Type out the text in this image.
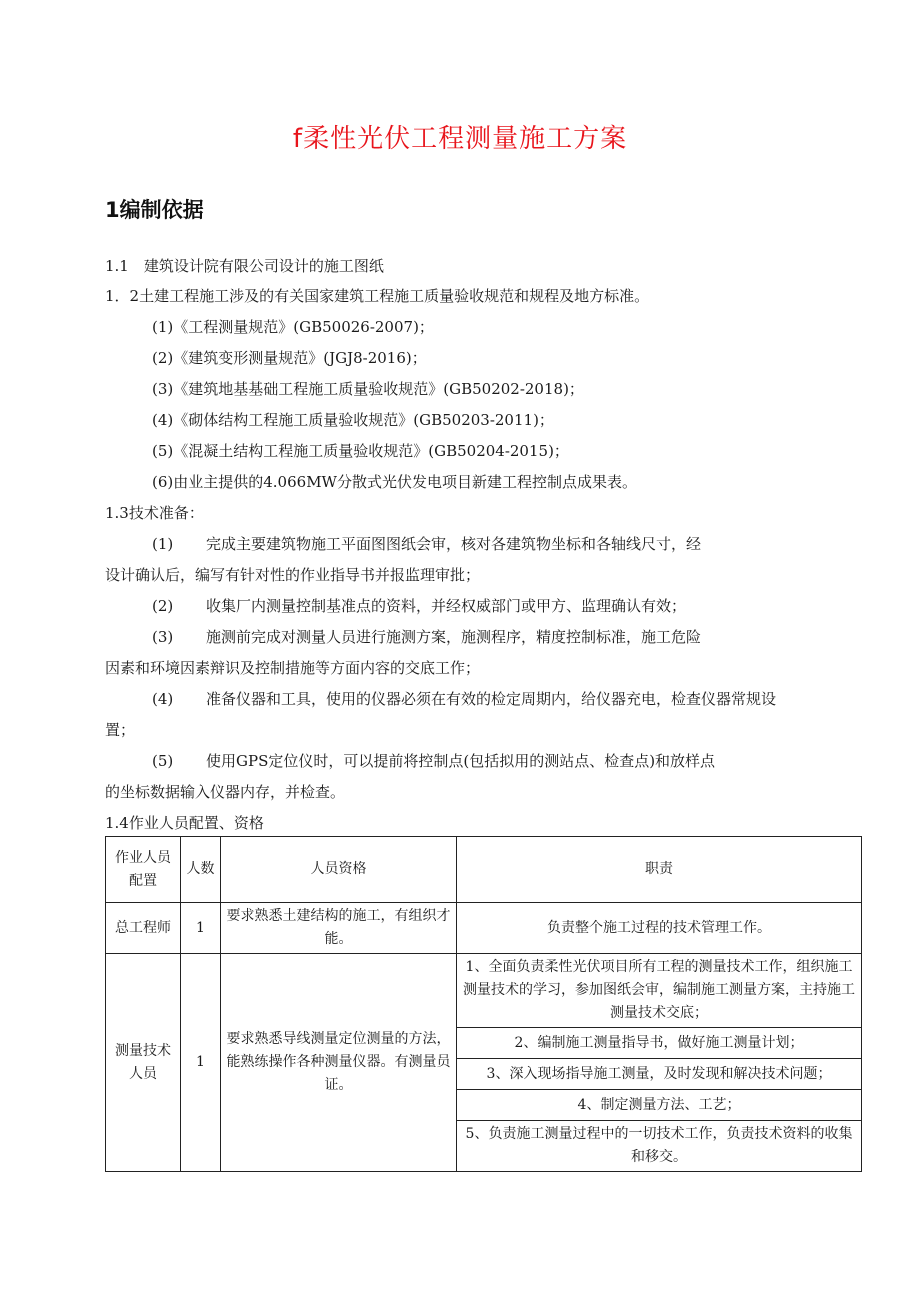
f柔性光伏工程测量施工方案
1编制依据
1.1　建筑设计院有限公司设计的施工图纸
1．2土建工程施工涉及的有关国家建筑工程施工质量验收规范和规程及地方标准。
(1)《工程测量规范》(GB50026-2007)；
(2)《建筑变形测量规范》(JGJ8-2016)；
(3)《建筑地基基础工程施工质量验收规范》(GB50202-2018)；
(4)《砌体结构工程施工质量验收规范》(GB50203-2011)；
(5)《混凝土结构工程施工质量验收规范》(GB50204-2015)；
(6)由业主提供的4.066MW分散式光伏发电项目新建工程控制点成果表。
1.3技术准备：
(1) 完成主要建筑物施工平面图图纸会审，核对各建筑物坐标和各轴线尺寸，经
设计确认后，编写有针对性的作业指导书并报监理审批；
(2) 收集厂内测量控制基准点的资料，并经权威部门或甲方、监理确认有效；
(3) 施测前完成对测量人员进行施测方案，施测程序，精度控制标准，施工危险
因素和环境因素辩识及控制措施等方面内容的交底工作；
(4) 准备仪器和工具，使用的仪器必须在有效的检定周期内，给仪器充电，检查仪器常规设
置；
(5) 使用GPS定位仪时，可以提前将控制点(包括拟用的测站点、检查点)和放样点
的坐标数据输入仪器内存，并检查。
1.4作业人员配置、资格
作业人员配置	人数	人员资格	职责
总工程师	1	要求熟悉土建结构的施工，有组织才能。	负责整个施工过程的技术管理工作。
测量技术人员	1	要求熟悉导线测量定位测量的方法，能熟练操作各种测量仪器。有测量员证。	1、全面负责柔性光伏项目所有工程的测量技术工作，组织施工测量技术的学习，参加图纸会审，编制施工测量方案，主持施工测量技术交底；
			2、编制施工测量指导书，做好施工测量计划；
			3、深入现场指导施工测量，及时发现和解决技术问题；
			4、制定测量方法、工艺；
			5、负责施工测量过程中的一切技术工作，负责技术资料的收集和移交。
